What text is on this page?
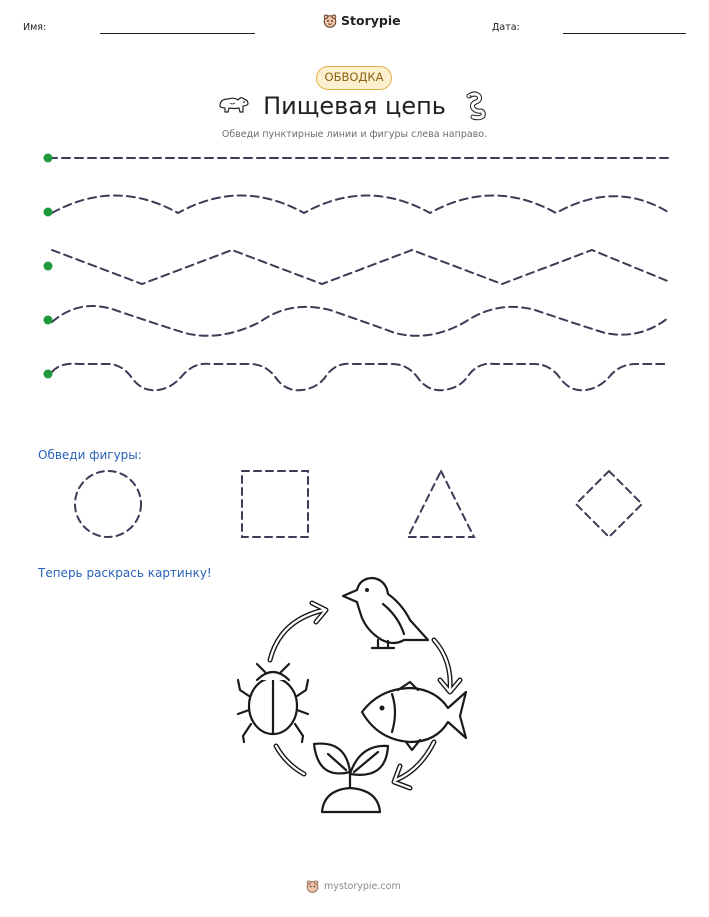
Имя:	Storypie	Дата:
ОБВОДКА
Пищевая цепь
Обведи пунктирные линии и фигуры слева направо.
Обведи фигуры:
Теперь раскрась картинку!
mystorypie.com
